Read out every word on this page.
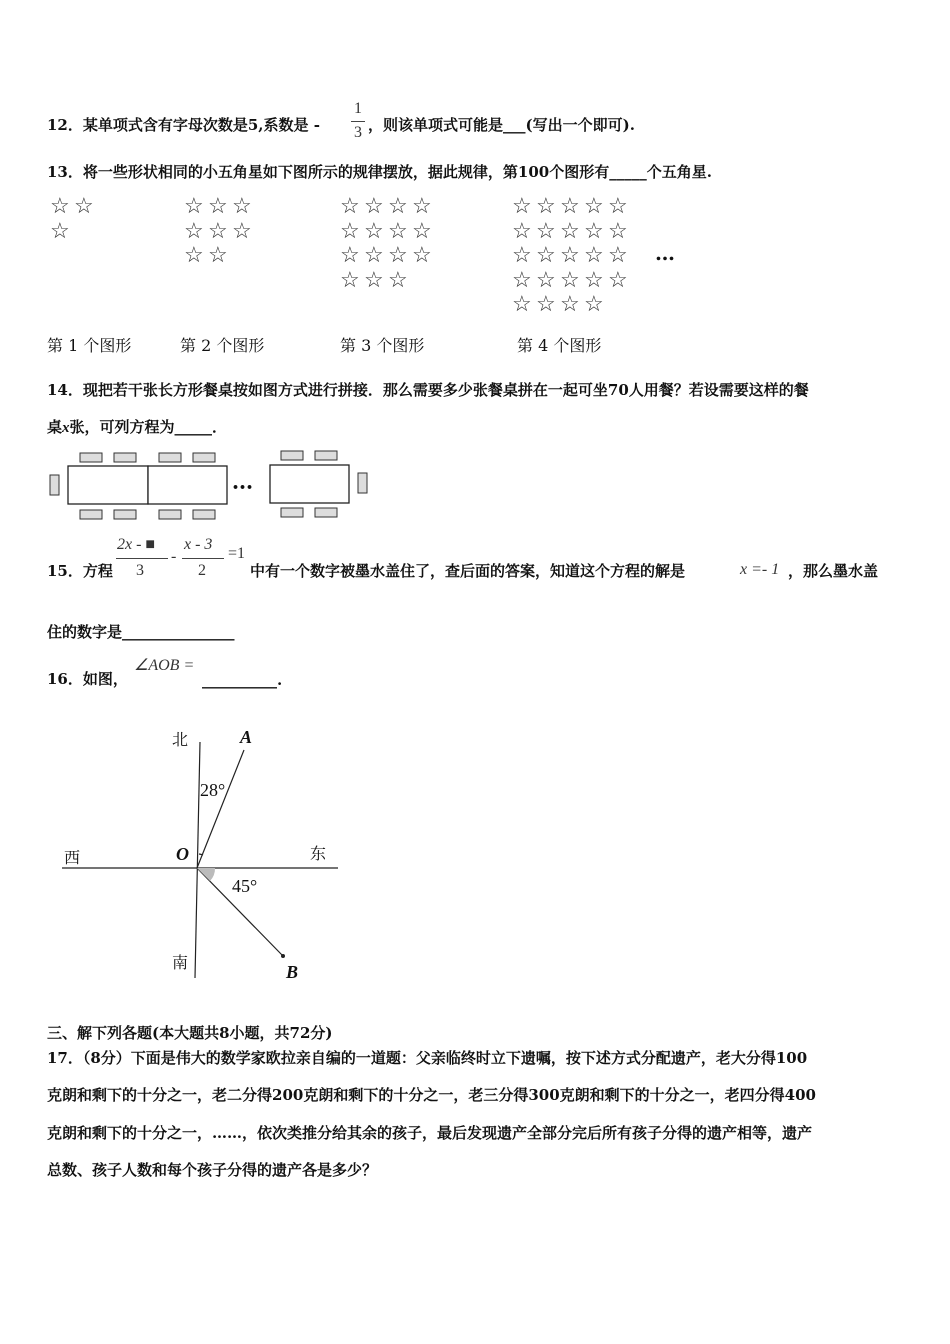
12．某单项式含有字母次数是5,系数是 -
1
3 ，则该单项式可能是___(写出一个即可).
13．将一些形状相同的小五角星如下图所示的规律摆放，据此规律，第100个图形有_____个五角星.
☆ ☆
☆
第 1 个图形
☆ ☆ ☆
☆ ☆ ☆
☆ ☆
第 2 个图形
☆ ☆ ☆ ☆
☆ ☆ ☆ ☆
☆ ☆ ☆ ☆
☆ ☆ ☆
第 3 个图形
☆ ☆ ☆ ☆ ☆
☆ ☆ ☆ ☆ ☆
☆ ☆ ☆ ☆ ☆
☆ ☆ ☆ ☆ ☆
☆ ☆ ☆ ☆
第 4 个图形
…
14．现把若干张长方形餐桌按如图方式进行拼接．那么需要多少张餐桌拼在一起可坐70人用餐？若设需要这样的餐
桌x张，可列方程为_____．
•••
15．方程
2x - ■
3
-
x - 3
2
=1
中有一个数字被墨水盖住了，查后面的答案，知道这个方程的解是	x =- 1 ，那么墨水盖
住的数字是_______________
16．如图，
∠AOB =
__________.
北
南
西	东
O
A
B
28°
45°
三、解下列各题(本大题共8小题，共72分)
17．（8分）下面是伟大的数学家欧拉亲自编的一道题：父亲临终时立下遗嘱，按下述方式分配遗产，老大分得100
克朗和剩下的十分之一，老二分得200克朗和剩下的十分之一，老三分得300克朗和剩下的十分之一，老四分得400
克朗和剩下的十分之一，……，依次类推分给其余的孩子，最后发现遗产全部分完后所有孩子分得的遗产相等，遗产
总数、孩子人数和每个孩子分得的遗产各是多少？
